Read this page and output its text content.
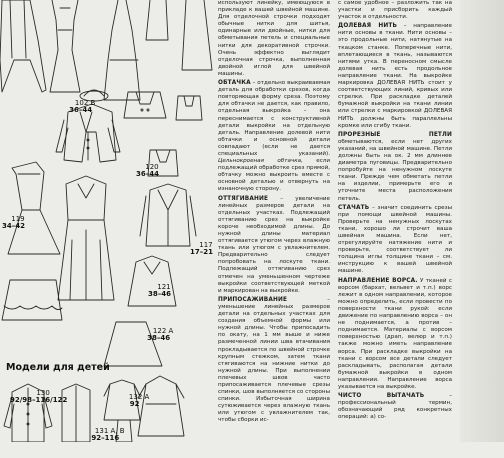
102 В
36–44

120
36–44

119
34–42

117
17–21

121
38–46

122 А
38–46

130
92/98–116/122

	132 А
92

131 А, В
92–116

Модели для детей

используют линейку, имеющуюся в прикладе к вашей швейной машине. Для отделочной строчки подходят обычные нитки для шитья, одинарные или двойные, нитки для обметывания петель и специальные нитки для декоративной строчки. Очень эффектно выглядит отделочная строчка, выполненная двойной иглой для швейной машины.

ОБТАЧКА – отдельно выкраиваемая деталь для обработки срезов, когда повторяющая форму среза. Поэтому для обтачки не дается, как правило, отдельная выкройка – она переснимается с конструктивной детали выкройки на отдельную деталь. Направление долевой нити обтачки и основной детали совпадают (если не дается специальных указаний). Цельнокроеная обтачка, если подлежащий обработке срез прямой, обтачку можно выкроить вместе с основной деталью и отвернуть на изнаночную сторону.

ОТТЯГИВАНИЕ – увеличение линейных размеров детали на отдельных участках. Подлежащий оттягиванию срез на выкройке короче необходимой длины. До нужной длины материал оттягивается утюгом через влажную ткань или утюгом с увлажнителем. Предварительно следует попробовать на лоскуте ткани. Подлежащий оттягиванию срез отмечен на уменьшенном чертеже выкройки соответствующей меткой и маркирован на выкройке.

ПРИПОСАЖИВАНИЕ – уменьшение линейных размеров детали на отдельных участках для создания объемной формы или нужной длины. Чтобы припосадить по окату, на 1 мм выше и ниже размеченной линии шва втачивания прокладывается по швейной строчке крупным стежком, затем ткани стягиваются на нижние нитки до нужной длины. При выполнении плечевых швов часто припосаживается плечевые срезы спинки, шов выполняется со стороны спинки. Избыточная ширина сутюживается через влажную ткань или утюгом с увлажнителем так, чтобы сборки ис-

с самое удобное – разложить так на участки и присборить каждый участок в отдельности.

ДОЛЕВАЯ НИТЬ – направление нити основы в ткани. Нити основы – это продольные нити, натянутые на ткацком станке. Поперечные нити, вплетающиеся в ткань, называются нитями утка. В переносном смысле долевая нить есть продольное направление ткани. На выкройке маркировка ДОЛЕВАЯ НИТЬ стоит у соответствующих линий, кривых или стрелки. При раскладке деталей бумажной выкройки на ткани линии или стрелки с маркировкой ДОЛЕВАЯ НИТЬ должны быть параллельны кромке или сгибу ткани.

ПРОРЕЗНЫЕ ПЕТЛИ обметываются, если нет других указаний, на швейной машине. Петли должны быть на ок. 2 мм длиннее диаметра пуговицы. Предварительно попробуйте на ненужном лоскуте ткани. Прежде чем обметать петли на изделии, примерьте его и уточните места расположения петель.

СТАЧАТЬ – значит соединить срезы при помощи швейной машины. Проверьте на ненужных лоскутах ткани, хорошо ли строчит ваша швейная машина. Если нет, отрегулируйте натяжение нити и проверьте, соответствует ли толщина иглы толщине ткани – см. инструкцию к вашей швейной машине.

НАПРАВЛЕНИЕ ВОРСА. У тканей с ворсом (бархат, вельвет и т.п.) ворс лежит в одном направлении, которое можно определить, если провести по поверхности ткани рукой: если движение по направлению ворса – он не поднимается, а против – поднимается. Материалы с ворсом поверхностью (драп, велюр и т.п.) также можно иметь направление ворса. При раскладке выкройки на ткани с ворсом все детали следует раскладывать, располагая детали бумажной выкройки в одном направлении. Направление ворса указывается на выкройке.

ЧИСТО ВЫТАЧАТЬ – профессиональный термин, обозначающий ряд конкретных операций: а) со-
